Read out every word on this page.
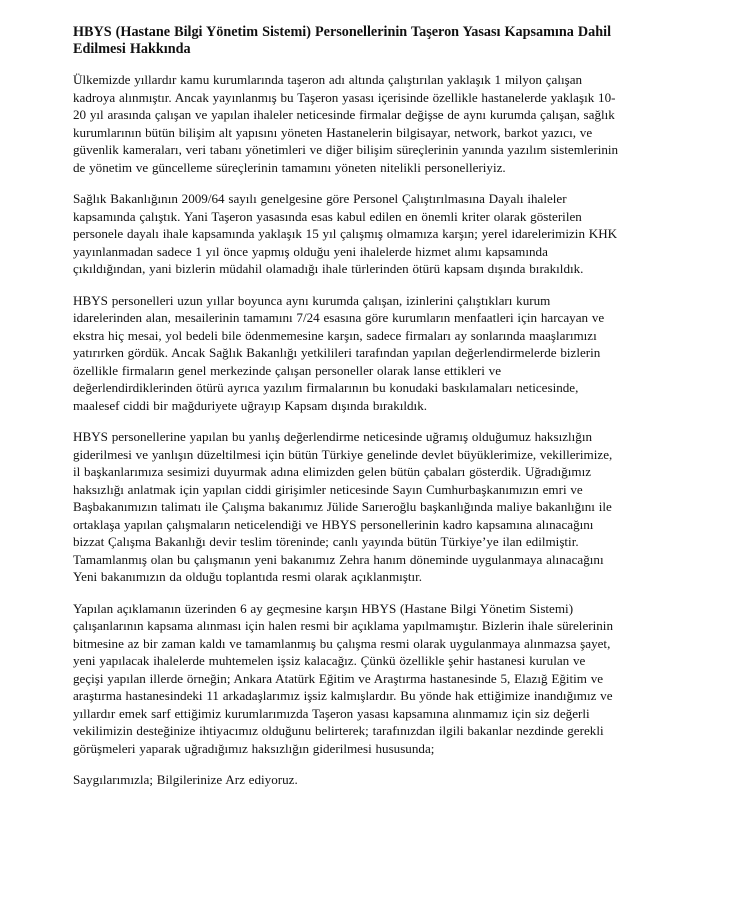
HBYS (Hastane Bilgi Yönetim Sistemi) Personellerinin Taşeron Yasası Kapsamına Dahil
Edilmesi Hakkında
Ülkemizde yıllardır kamu kurumlarında taşeron adı altında çalıştırılan yaklaşık 1 milyon çalışan
kadroya alınmıştır. Ancak yayınlanmış bu Taşeron yasası içerisinde özellikle hastanelerde yaklaşık 10-
20 yıl arasında çalışan ve yapılan ihaleler neticesinde firmalar değişse de aynı kurumda çalışan, sağlık
kurumlarının bütün bilişim alt yapısını yöneten Hastanelerin bilgisayar, network, barkot yazıcı, ve
güvenlik kameraları, veri tabanı yönetimleri ve diğer bilişim süreçlerinin yanında yazılım sistemlerinin
de yönetim ve güncelleme süreçlerinin tamamını yöneten nitelikli personelleriyiz.
Sağlık Bakanlığının 2009/64 sayılı genelgesine göre Personel Çalıştırılmasına Dayalı ihaleler
kapsamında çalıştık. Yani Taşeron yasasında esas kabul edilen en önemli kriter olarak gösterilen
personele dayalı ihale kapsamında yaklaşık 15 yıl çalışmış olmamıza karşın; yerel idarelerimizin KHK
yayınlanmadan sadece 1 yıl önce yapmış olduğu yeni ihalelerde hizmet alımı kapsamında
çıkıldığından, yani bizlerin müdahil olamadığı ihale türlerinden ötürü kapsam dışında bırakıldık.
HBYS personelleri uzun yıllar boyunca aynı kurumda çalışan, izinlerini çalıştıkları kurum
idarelerinden alan, mesailerinin tamamını 7/24 esasına göre kurumların menfaatleri için harcayan ve
ekstra hiç mesai, yol bedeli bile ödenmemesine karşın, sadece firmaları ay sonlarında maaşlarımızı
yatırırken gördük. Ancak Sağlık Bakanlığı yetkilileri tarafından yapılan değerlendirmelerde bizlerin
özellikle firmaların genel merkezinde çalışan personeller olarak lanse ettikleri ve
değerlendirdiklerinden ötürü ayrıca yazılım firmalarının bu konudaki baskılamaları neticesinde,
maalesef ciddi bir mağduriyete uğrayıp Kapsam dışında bırakıldık.
HBYS personellerine yapılan bu yanlış değerlendirme neticesinde uğramış olduğumuz haksızlığın
giderilmesi ve yanlışın düzeltilmesi için bütün Türkiye genelinde devlet büyüklerimize, vekillerimize,
il başkanlarımıza sesimizi duyurmak adına elimizden gelen bütün çabaları gösterdik. Uğradığımız
haksızlığı anlatmak için yapılan ciddi girişimler neticesinde Sayın Cumhurbaşkanımızın emri ve
Başbakanımızın talimatı ile Çalışma bakanımız Jülide Sarıeroğlu başkanlığında maliye bakanlığını ile
ortaklaşa yapılan çalışmaların neticelendiği ve HBYS personellerinin kadro kapsamına alınacağını
bizzat Çalışma Bakanlığı devir teslim töreninde; canlı yayında bütün Türkiye’ye ilan edilmiştir.
Tamamlanmış olan bu çalışmanın yeni bakanımız Zehra hanım döneminde uygulanmaya alınacağını
Yeni bakanımızın da olduğu toplantıda resmi olarak açıklanmıştır.
Yapılan açıklamanın üzerinden 6 ay geçmesine karşın HBYS (Hastane Bilgi Yönetim Sistemi)
çalışanlarının kapsama alınması için halen resmi bir açıklama yapılmamıştır. Bizlerin ihale sürelerinin
bitmesine az bir zaman kaldı ve tamamlanmış bu çalışma resmi olarak uygulanmaya alınmazsa şayet,
yeni yapılacak ihalelerde muhtemelen işsiz kalacağız. Çünkü özellikle şehir hastanesi kurulan ve
geçişi yapılan illerde örneğin; Ankara Atatürk Eğitim ve Araştırma hastanesinde 5, Elazığ Eğitim ve
araştırma hastanesindeki 11 arkadaşlarımız işsiz kalmışlardır. Bu yönde hak ettiğimize inandığımız ve
yıllardır emek sarf ettiğimiz kurumlarımızda Taşeron yasası kapsamına alınmamız için siz değerli
vekilimizin desteğinize ihtiyacımız olduğunu belirterek; tarafınızdan ilgili bakanlar nezdinde gerekli
görüşmeleri yaparak uğradığımız haksızlığın giderilmesi hususunda;
Saygılarımızla; Bilgilerinize Arz ediyoruz.
